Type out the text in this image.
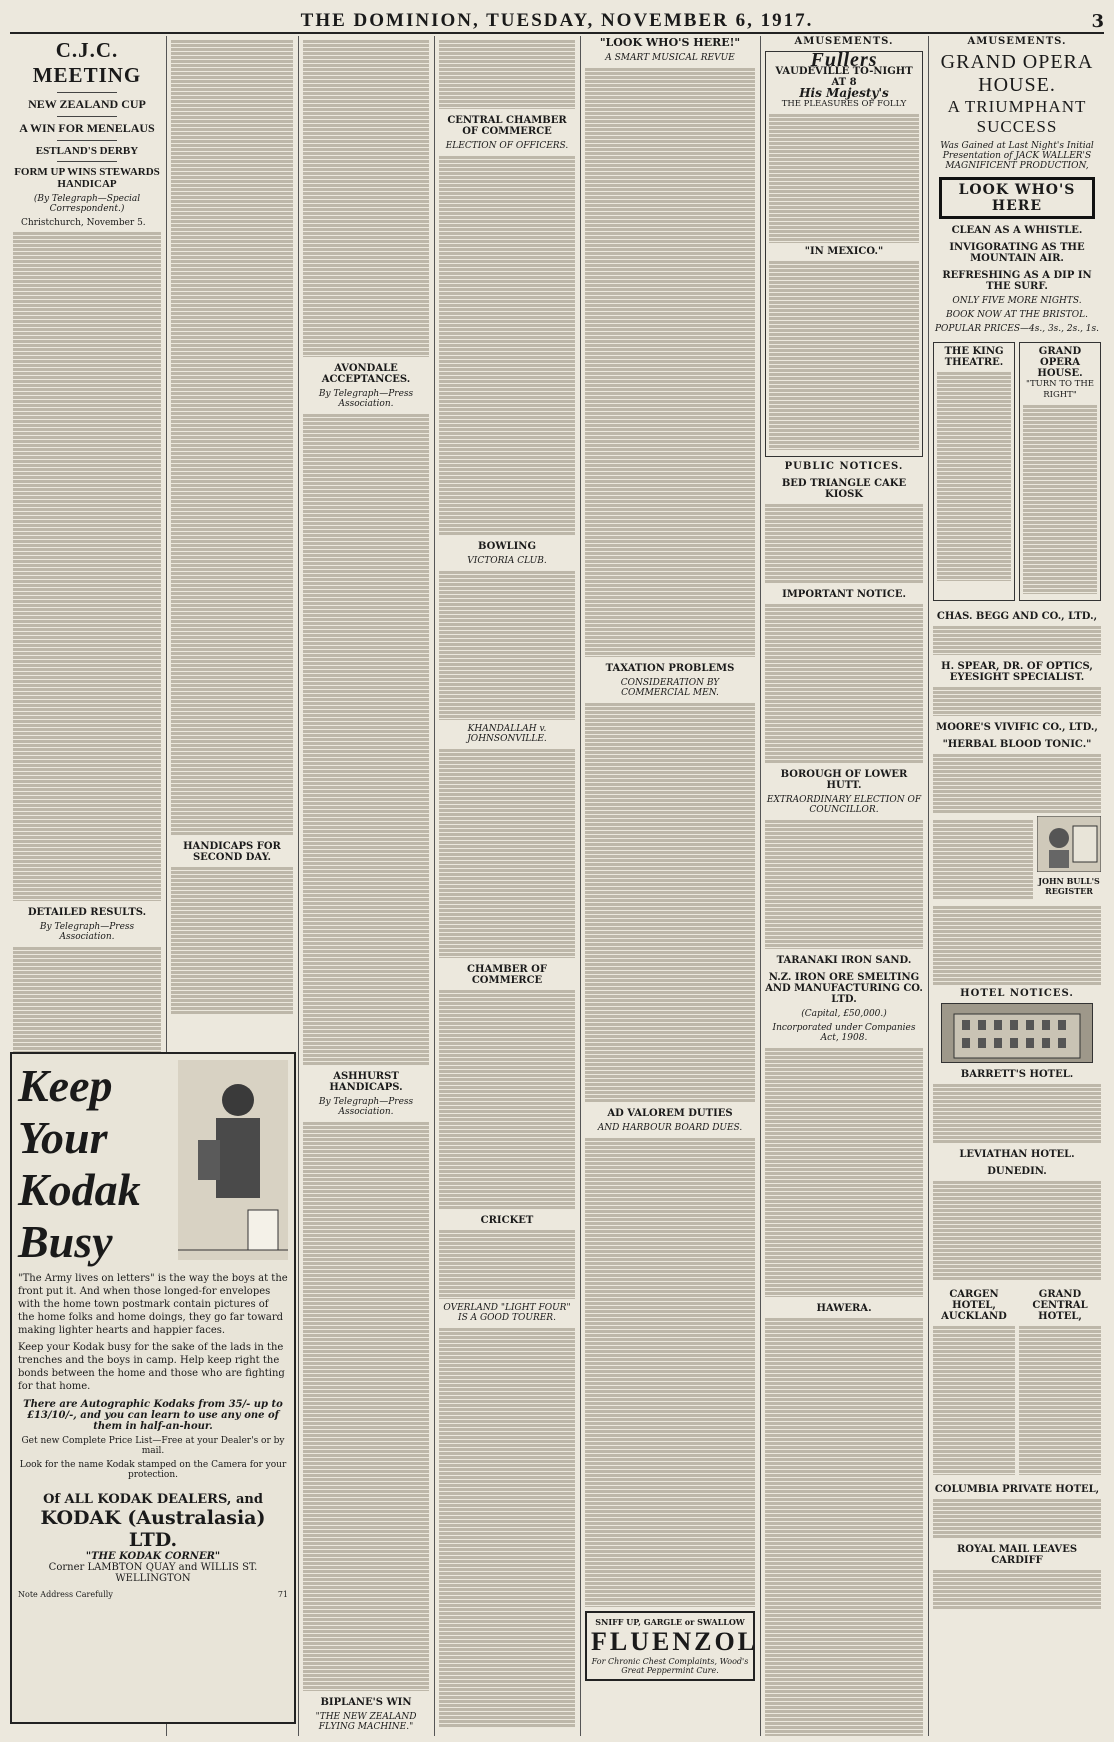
THE DOMINION, TUESDAY, NOVEMBER 6, 1917.	3
C.J.C. MEETING
NEW ZEALAND CUP
A WIN FOR MENELAUS
ESTLAND'S DERBY
FORM UP WINS STEWARDS HANDICAP
(By Telegraph—Special Correspondent.)
Christchurch, November 5.
DETAILED RESULTS.
By Telegraph—Press Association.
HANDICAPS FOR SECOND DAY.
AVONDALE ACCEPTANCES.
By Telegraph—Press Association.
ASHHURST HANDICAPS.
By Telegraph—Press Association.
BIPLANE'S WIN
"THE NEW ZEALAND FLYING MACHINE."
Keep
Your
Kodak
Busy
"The Army lives on letters" is the way the boys at the front put it. And when those longed-for envelopes with the home town postmark contain pictures of the home folks and home doings, they go far toward making lighter hearts and happier faces.
Keep your Kodak busy for the sake of the lads in the trenches and the boys in camp. Help keep right the bonds between the home and those who are fighting for that home.
There are Autographic Kodaks from 35/- up to £13/10/-, and you can learn to use any one of them in half-an-hour.
Get new Complete Price List—Free at your Dealer's or by mail.
Look for the name Kodak stamped on the Camera for your protection.
Of ALL KODAK DEALERS, and
KODAK (Australasia) LTD.
"THE KODAK CORNER"
Corner LAMBTON QUAY and WILLIS ST. WELLINGTON
Note Address Carefully	71
CENTRAL CHAMBER OF COMMERCE
ELECTION OF OFFICERS.
BOWLING
VICTORIA CLUB.
KHANDALLAH v. JOHNSONVILLE.
CHAMBER OF COMMERCE
CRICKET
OVERLAND "LIGHT FOUR" IS A GOOD TOURER.
"LOOK WHO'S HERE!"
A SMART MUSICAL REVUE
TAXATION PROBLEMS
CONSIDERATION BY COMMERCIAL MEN.
AD VALOREM DUTIES
AND HARBOUR BOARD DUES.
SNIFF UP, GARGLE or SWALLOW
FLUENZOL
For Chronic Chest Complaints, Wood's Great Peppermint Cure.
AMUSEMENTS.
Fullers
VAUDEVILLE TO-NIGHT AT 8
His Majesty's
THE PLEASURES OF FOLLY
"IN MEXICO."
PUBLIC NOTICES.
BED TRIANGLE CAKE KIOSK
IMPORTANT NOTICE.
BOROUGH OF LOWER HUTT.
EXTRAORDINARY ELECTION OF COUNCILLOR.
TARANAKI IRON SAND.
N.Z. IRON ORE SMELTING AND MANUFACTURING CO. LTD.
(Capital, £50,000.)
Incorporated under Companies Act, 1908.
HAWERA.
AMUSEMENTS.
GRAND OPERA HOUSE.
A TRIUMPHANT SUCCESS
Was Gained at Last Night's Initial Presentation of JACK WALLER'S MAGNIFICENT PRODUCTION,
LOOK WHO'S HERE
CLEAN AS A WHISTLE.
INVIGORATING AS THE MOUNTAIN AIR.
REFRESHING AS A DIP IN THE SURF.
ONLY FIVE MORE NIGHTS.
BOOK NOW AT THE BRISTOL.
POPULAR PRICES—4s., 3s., 2s., 1s.
THE KING THEATRE.
GRAND OPERA HOUSE.
"TURN TO THE RIGHT"
CHAS. BEGG AND CO., LTD.,
H. SPEAR, DR. OF OPTICS, EYESIGHT SPECIALIST.
MOORE'S VIVIFIC CO., LTD.,
"HERBAL BLOOD TONIC."
JOHN BULL'S REGISTER
HOTEL NOTICES.
BARRETT'S HOTEL.
LEVIATHAN HOTEL.
DUNEDIN.
CARGEN HOTEL, AUCKLAND
GRAND CENTRAL HOTEL,
COLUMBIA PRIVATE HOTEL,
ROYAL MAIL LEAVES CARDIFF
